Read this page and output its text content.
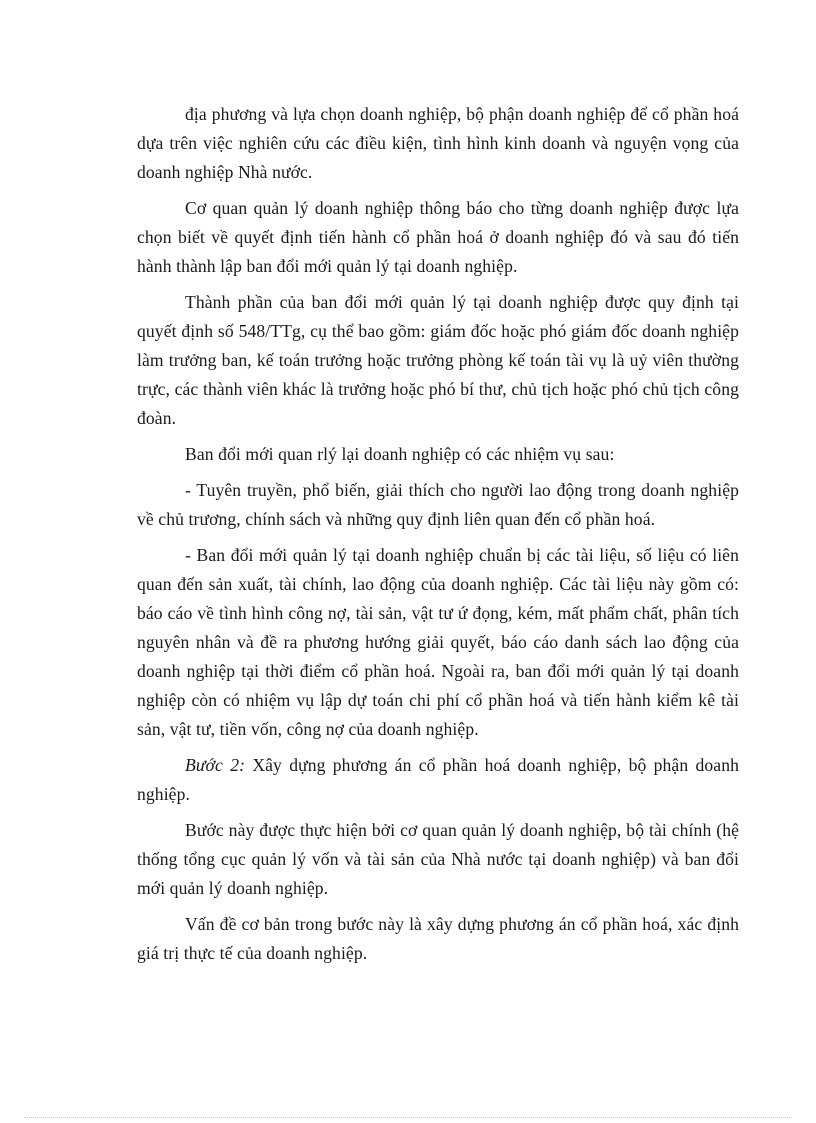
địa phương và lựa chọn doanh nghiệp, bộ phận doanh nghiệp để cổ phần hoá dựa trên việc nghiên cứu các điều kiện, tình hình kinh doanh và nguyện vọng của doanh nghiệp Nhà nước.

Cơ quan quản lý doanh nghiệp thông báo cho từng doanh nghiệp được lựa chọn biết về quyết định tiến hành cổ phần hoá ở doanh nghiệp đó và sau đó tiến hành thành lập ban đổi mới quản lý tại doanh nghiệp.

Thành phần của ban đổi mới quản lý tại doanh nghiệp được quy định tại quyết định số 548/TTg, cụ thể bao gồm: giám đốc hoặc phó giám đốc doanh nghiệp làm trưởng ban, kế toán trưởng hoặc trưởng phòng kế toán tài vụ là uỷ viên thường trực, các thành viên khác là trưởng hoặc phó bí thư, chủ tịch hoặc phó chủ tịch công đoàn.

Ban đổi mới quan rlý lại doanh nghiệp có các nhiệm vụ sau:

- Tuyên truyền, phổ biến, giải thích cho người lao động trong doanh nghiệp về chủ trương, chính sách và những quy định liên quan đến cổ phần hoá.

- Ban đổi mới quản lý tại doanh nghiệp chuẩn bị các tài liệu, số liệu có liên quan đến sản xuất, tài chính, lao động của doanh nghiệp. Các tài liệu này gồm có: báo cáo về tình hình công nợ, tài sản, vật tư ứ đọng, kém, mất phẩm chất, phân tích nguyên nhân và đề ra phương hướng giải quyết, báo cáo danh sách lao động của doanh nghiệp tại thời điểm cổ phần hoá. Ngoài ra, ban đổi mới quản lý tại doanh nghiệp còn có nhiệm vụ lập dự toán chi phí cổ phần hoá và tiến hành kiểm kê tài sản, vật tư, tiền vốn, công nợ của doanh nghiệp.

Bước 2: Xây dựng phương án cổ phần hoá doanh nghiệp, bộ phận doanh nghiệp.

Bước này được thực hiện bởi cơ quan quản lý doanh nghiệp, bộ tài chính (hệ thống tổng cục quản lý vốn và tài sản của Nhà nước tại doanh nghiệp) và ban đổi mới quản lý doanh nghiệp.

Vấn đề cơ bản trong bước này là xây dựng phương án cổ phần hoá, xác định giá trị thực tế của doanh nghiệp.
